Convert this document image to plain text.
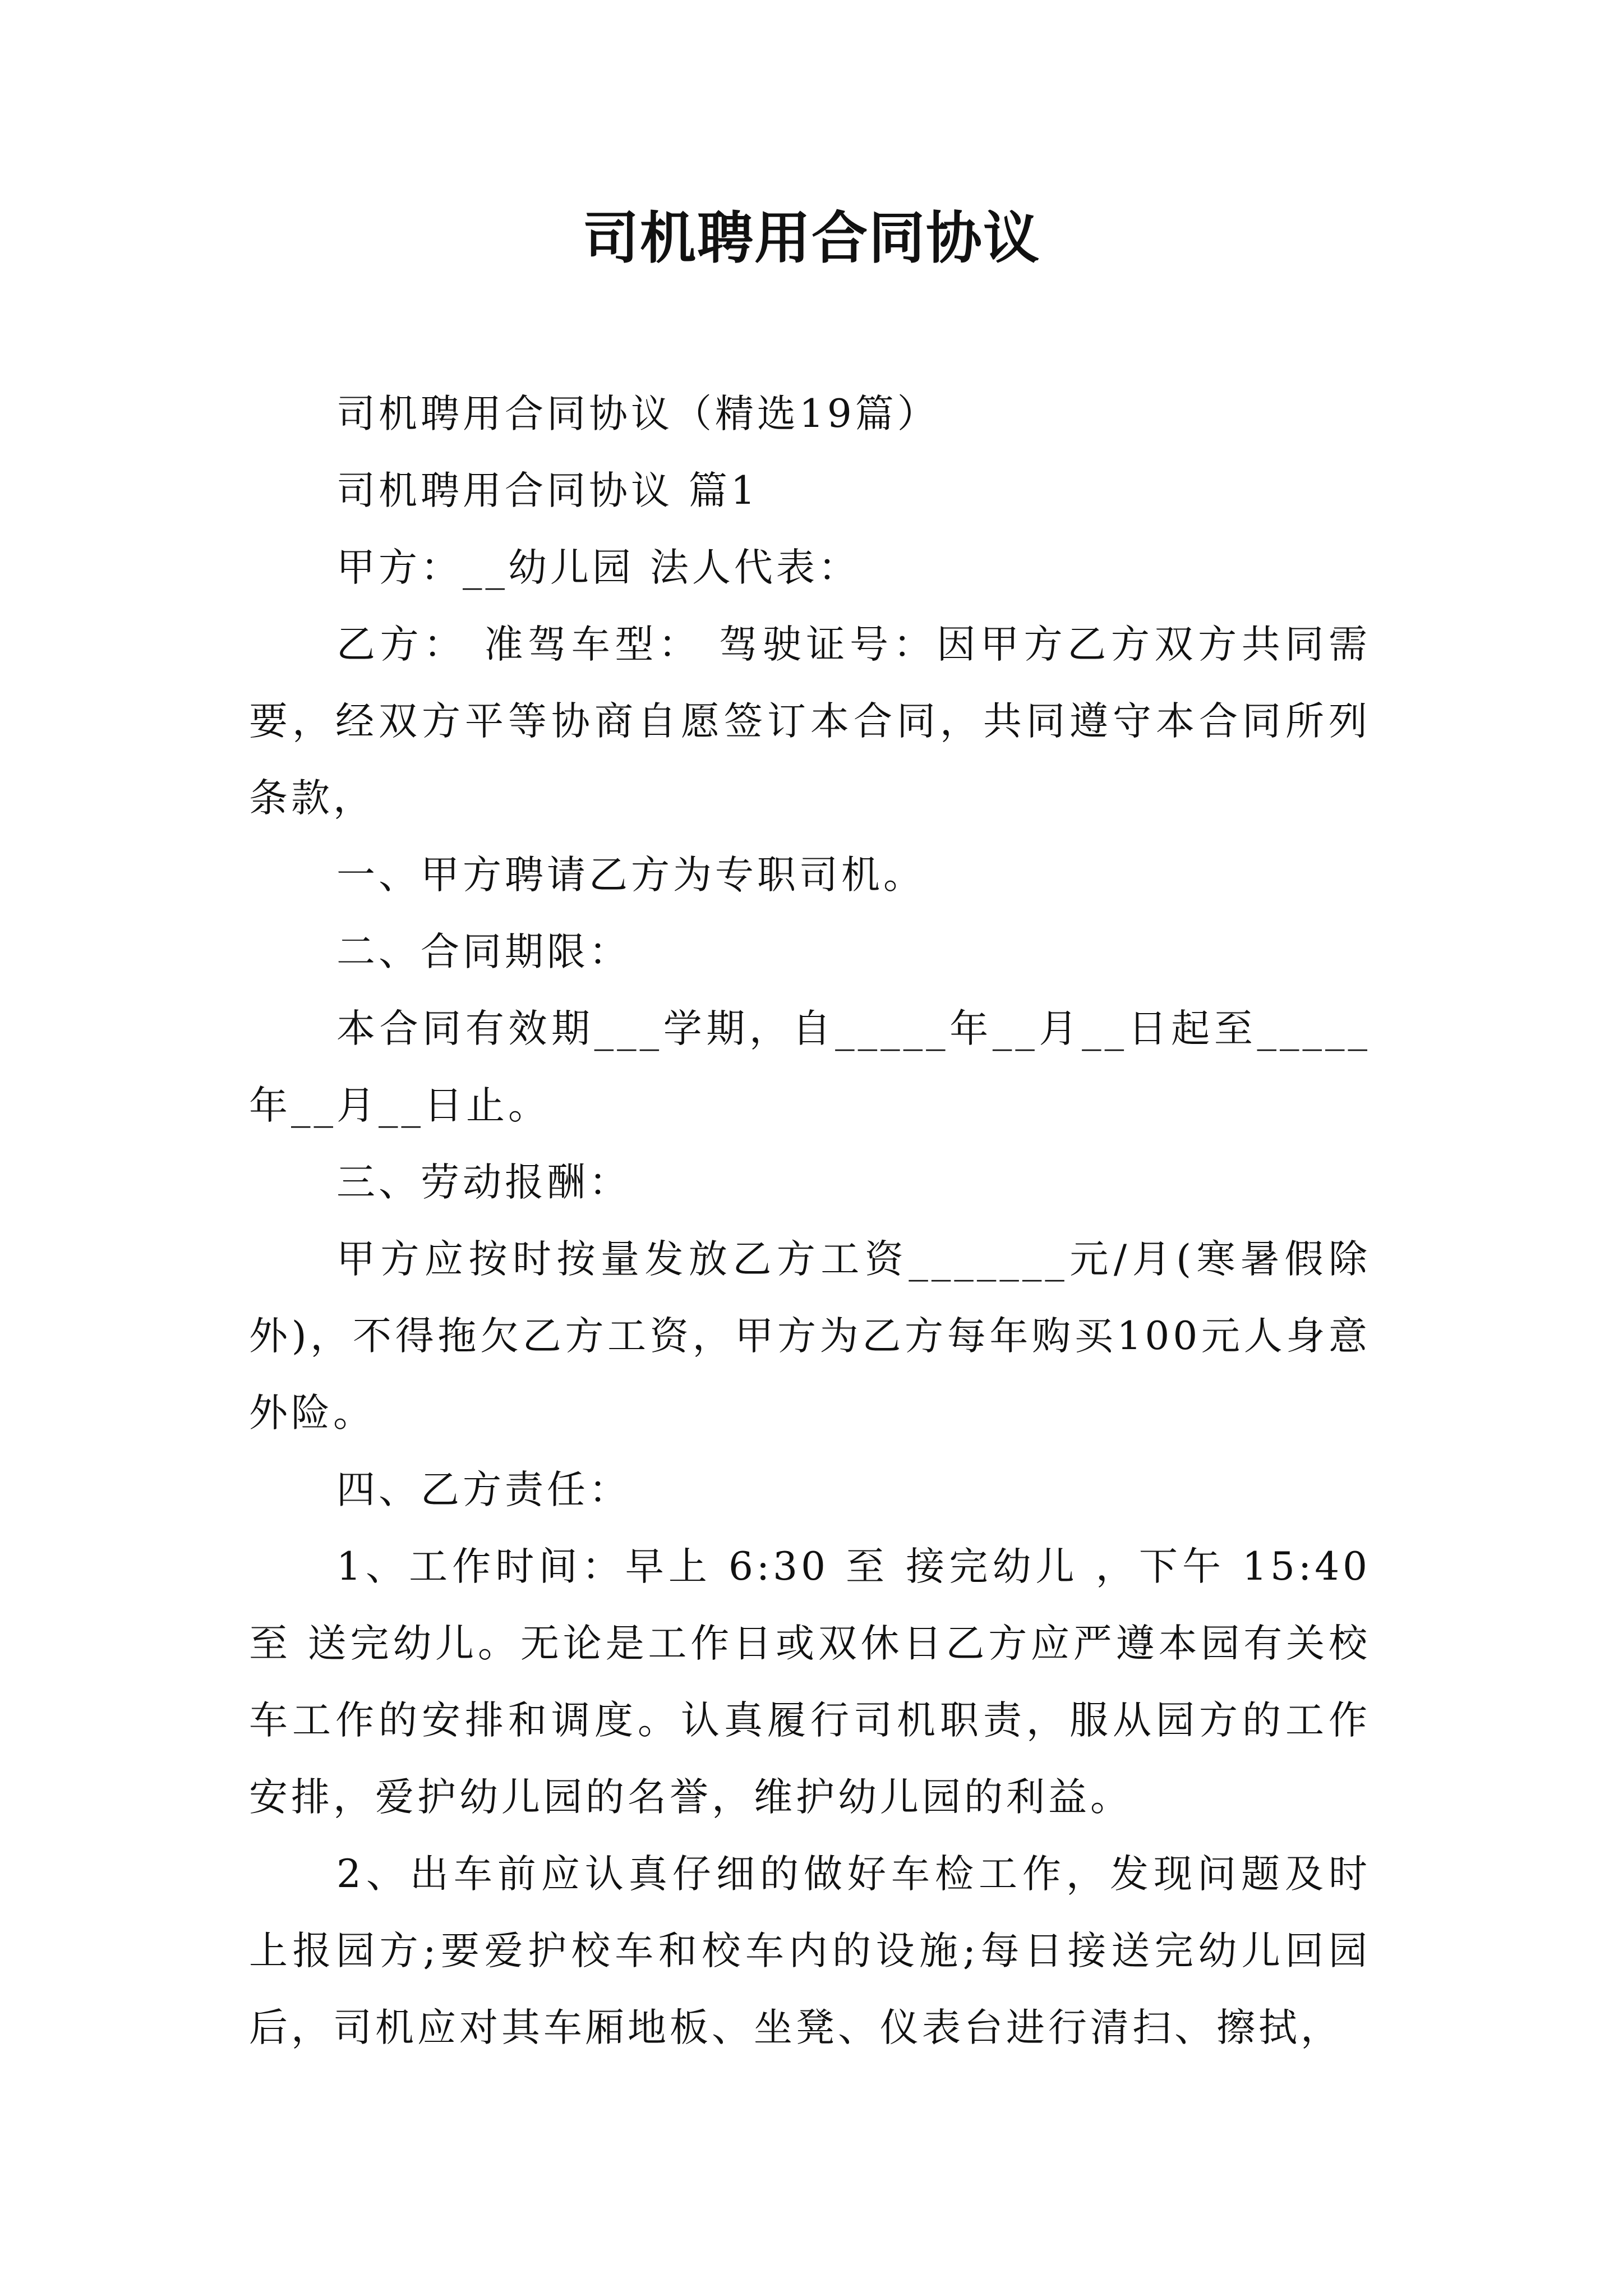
司机聘用合同协议

司机聘用合同协议（精选19篇）

司机聘用合同协议 篇1

甲方：__幼儿园 法人代表：

乙方： 准驾车型： 驾驶证号：因甲方乙方双方共同需要，经双方平等协商自愿签订本合同，共同遵守本合同所列条款，

一、甲方聘请乙方为专职司机。

二、合同期限：

本合同有效期___学期，自_____年__月__日起至_____年__月__日止。

三、劳动报酬：

甲方应按时按量发放乙方工资_______元/月(寒暑假除外)，不得拖欠乙方工资，甲方为乙方每年购买100元人身意外险。

四、乙方责任：

1、工作时间：早上 6:30 至 接完幼儿 ，下午 15:40至 送完幼儿。无论是工作日或双休日乙方应严遵本园有关校车工作的安排和调度。认真履行司机职责，服从园方的工作安排，爱护幼儿园的名誉，维护幼儿园的利益。

2、出车前应认真仔细的做好车检工作，发现问题及时上报园方;要爱护校车和校车内的设施;每日接送完幼儿回园后，司机应对其车厢地板、坐凳、仪表台进行清扫、擦拭，
